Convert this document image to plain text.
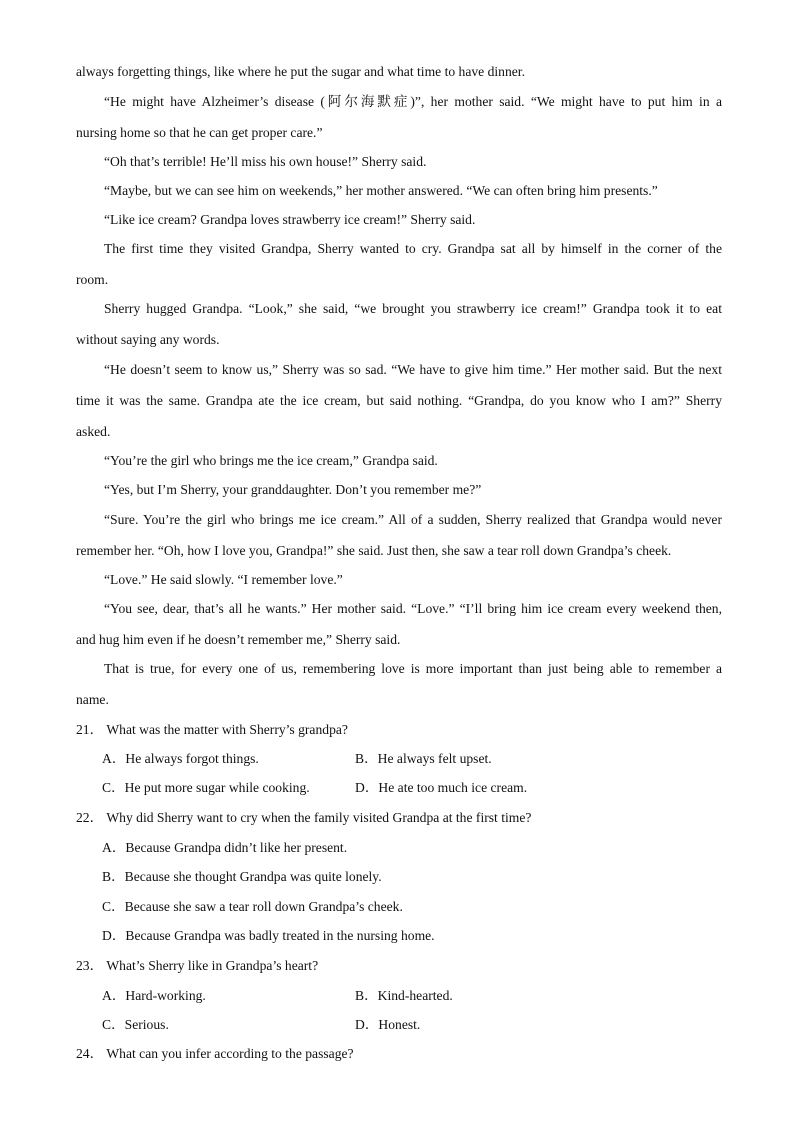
always forgetting things, like where he put the sugar and what time to have dinner.
“He might have Alzheimer’s disease (阿尔海默症)”, her mother said. “We might have to put him in a
nursing home so that he can get proper care.”
“Oh that’s terrible! He’ll miss his own house!” Sherry said.
“Maybe, but we can see him on weekends,” her mother answered. “We can often bring him presents.”
“Like ice cream? Grandpa loves strawberry ice cream!” Sherry said.
The first time they visited Grandpa, Sherry wanted to cry. Grandpa sat all by himself in the corner of the
room.
Sherry hugged Grandpa. “Look,” she said, “we brought you strawberry ice cream!” Grandpa took it to eat
without saying any words.
“He doesn’t seem to know us,” Sherry was so sad. “We have to give him time.” Her mother said. But the next
time it was the same. Grandpa ate the ice cream, but said nothing. “Grandpa, do you know who I am?” Sherry
asked.
“You’re the girl who brings me the ice cream,” Grandpa said.
“Yes, but I’m Sherry, your granddaughter. Don’t you remember me?”
“Sure. You’re the girl who brings me ice cream.” All of a sudden, Sherry realized that Grandpa would never
remember her. “Oh, how I love you, Grandpa!” she said. Just then, she saw a tear roll down Grandpa’s cheek.
“Love.” He said slowly. “I remember love.”
“You see, dear, that’s all he wants.” Her mother said. “Love.” “I’ll bring him ice cream every weekend then,
and hug him even if he doesn’t remember me,” Sherry said.
That is true, for every one of us, remembering love is more important than just being able to remember a
name.
21． What was the matter with Sherry’s grandpa?
A．He always forgot things.	B．He always felt upset.
C．He put more sugar while cooking.	D．He ate too much ice cream.
22． Why did Sherry want to cry when the family visited Grandpa at the first time?
A．Because Grandpa didn’t like her present.
B．Because she thought Grandpa was quite lonely.
C．Because she saw a tear roll down Grandpa’s cheek.
D．Because Grandpa was badly treated in the nursing home.
23． What’s Sherry like in Grandpa’s heart?
A．Hard-working.	B．Kind-hearted.
C．Serious.	D．Honest.
24． What can you infer according to the passage?
